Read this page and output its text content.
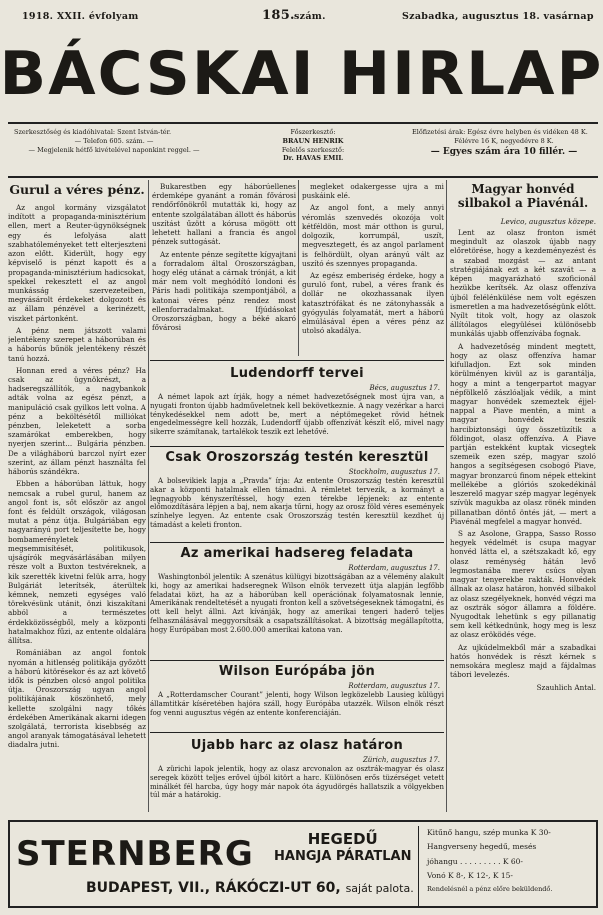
1918. XXII. évfolyam	185. szám.	Szabadka, augusztus 18. vasárnap
BÁCSKAI HIRLAP
Szerkesztőség és kiadóhivatal: Szent István-tér.
— Telefon 605. szám. —
— Megjelenik hétfő kivételével naponkint reggel. —
Főszerkesztő:
BRAUN HENRIK
Felelős szerkesztő:
Dr. HAVAS EMIL
Előfizetési árak: Egész évre helyben és vidéken 48 K.
Félévre 16 K, negyedévre 8 K.
— Egyes szám ára 10 fillér. —
Gurul a véres pénz.

Az angol kormány vizsgálatot indított a propaganda-minisztérium ellen, mert a Reuter-ügynökségnek egy és lefolyása alatt szabhatóleményeket tett elterjeszteni azon előtt. Kiderült, hogy egy képviselő is pénzt kapott és a propaganda-minisztérium hadicsokat, spekkel rekesztett el az angol munkásság szervezeteiben, megvásárolt érdekeket dolgozott és az állam pénzével a kerinézett, viszket pártonként.

A pénz nem játszott valami jelentékeny szerepet a háborúban és a háborús bűnök jelentékeny részét tanú hozzá.

Honnan ered a véres pénz? Ha csak az ügynökrészt, a hadseregszállítók, a nagybankok adták volna az egész pénzt, a manipuláció csak gyilkos lett volna. A pénz a beköltésétől milliókat pénzben, leleketett a sorba szamárókat emberekben, hogy nyerjen szerint... Bulgária pénzben. De a világháború barczol nyírt ezer szerint, az állam pénzt használta fel háborús szándékra.

Ebben a háborúban láttuk, hogy nemcsak a rubel gurul, hanem az angol font is, sőt először az angol font és feldúlt országok, világosan mutat a pénz útja. Bulgáriában egy nagyarányú port teljesítette be, hogy bombamerényletek megsemmisítését, politikusok, ujságírók megvásárlásában milyen része volt a Buxton testvéreknek, a kik szerették kivetni felük arra, hogy Bulgáriát leterítsék, áterültek kémnek, nemzeti egységes való törekvésünk utánit, önzi kiszakítani abból a természetes érdekközösségből, mely a központi hatalmakhoz fűzi, az entente oldalára állítsa.

Romániában az angol fontok nyomán a hitlenség politikája győzött a háború kitörésekor és az azt követő idők is pénzben olcsó angol politika útja. Oroszország ugyan angol politikájának köszönhető, mely kellette szolgálni nagy tőkés érdekében Amerikának akarni idegen szolgálatá, terrorista kisebbség az angol aranyak támogatásával lehetett diadalra jutni.

Bukarestben egy háborúellenes érdemképe gyanánt a román fővárosi rendőrfőnökről mutatták ki, hogy az entente szolgálatában állott és háborús uszítást űzött a kórusa mögött ott lehetett hallani a francia és angol pénzek suttogását.

Az entente pénze segítette kígyajtani a forradalom által Oroszországban, hogy elég utánat a cárnak trónját, a kit már nem volt meghódító londoni és Páris hadi politikája szempontjából, a katonai véres pénz rendez most ellenforradalmakat. Ifjúdásokat Oroszországban, hogy a béké akaró fővárosi

megleket odakergesse ujra a mi puskáink elé.

Az angol font, a mely annyi véromlás szenvedés okozója volt kétféldön, most már otthon is gurul, dolgozik, korrumpál, uszít, megvesztegett, és az angol parlament is felhördült, olyan arányú vált az uszító és szennyes propaganda.

Az egész emberiség érdeke, hogy a guruló font, rubel, a véres frank és dollár ne okozhassanak ilyen katasztrófákat és ne zátonyhassák a gyógyulás folyamatát, mert a háború elmúlásával épen a véres pénz az utolsó akadálya.

Ludendorff tervei
Bécs, augusztus 17.
A német lapok azt írják, hogy a német hadvezetőségnek most újra van, a nyugati fronton újabb hadműveletnek kell bekövetkeznie. A nagy vezérkar a harci ténykedésekkel nem adott be, mert a néptömegeket rövid hétnek engedelmességre kell hozzák, Ludendorff újabb offenzívát készít elő, mivel nagy sikerre számítanak, tartalékok teszik ezt lehetővé.
Csak Oroszország testén keresztül
Stockholm, augusztus 17.
A bolsevikiek lapja a „Pravda” írja: Az entente Oroszország testén keresztül akar a központi hatalmak ellen támadni. A rémletet tervezik, a kormányt a legnagyobb kényszerítéssel, hogy ezen térekbe lépjenek: az entente előmozdítására lépjen a baj, nem akarja tűrni, hogy az orosz föld véres események színhelye legyen. Az entente csak Oroszország testén keresztül kezdhet új támadást a keleti fronton.
Az amerikai hadsereg feladata
Rotterdam, augusztus 17.
Washingtonból jelentik: A szenátus külügyi bizottságában az a vélemény alakult ki, hogy az amerikai hadseregnek Wilson elnök tervezett útja alapján legfőbb feladatai közt, ha az a háborúban kell operációnak folyamatosnak lennie, Amerikának rendeltetését a nyugati fronton kell a szövetségeseknek támogatni, és ott kell helyt állni. Azt kívánják, hogy az amerikai tengeri haderő teljes felhasználásával meggyorsítsák a csapatszállításokat. A bizottság megállapította, hogy Európában most 2.600.000 amerikai katona van.
Wilson Európába jön
Rotterdam, augusztus 17.
A „Rotterdamscher Courant” jelenti, hogy Wilson legközelebb Lausieg külügyi államtitkár kíséretében hajóra száll, hogy Európába utazzék. Wilson elnök részt fog venni augusztus végén az entente konferenciáján.
Ujabb harc az olasz határon
Zürich, augusztus 17.
A zürichi lapok jelentik, hogy az olasz arcvonalon az osztrák-magyar és olasz seregek között teljes erővel újból kitört a harc. Különösen erős tüzérséget vetett minálkét fél harcba, úgy hogy már napok óta ágyudörgés hallatszik a völgyekben túl már a határokig.
Magyar honvéd silbakol a Piavénál.
Levico, augusztus közepe.

Lent az olasz fronton ismét megindult az olaszok újabb nagy előretörése, hogy a kezdeményezést és a szabad mozgást — az antant stratégiájának ezt a két szavát — a képen magyarázható szoficionál hezükbe kerítsék. Az olasz offenzíva újból felélénkülése nem volt egészen ismeretlen a ma hadvezetőségünk előtt. Nyílt titok volt, hogy az olaszok állítólagos elegyülései különösebb munkálás ujabb offenzívába fognak.

A hadvezetőség mindent megtett, hogy az olasz offenzíva hamar kifulladjon. Ezt sok minden körülményen kivül az is garantálja, hogy a mint a tengerpartot magyar népfölkelő zászlóaljak védik, a mint magyar honvédek szemeztek éjjel-nappal a Piave mentén, a mint a magyar honvédek teszik harcibiztonsági úgy összetüzítik a földingot, olasz offenzíva. A Piave partján estekként kuptak vicsegtek szemeik ezen szép, magyar szoló hangos a segítségesen csobogó Piave, magyar bronzarcú finom népek ettekint mellékébe a glóriós szokedékinál leszerelő magyar szép magyar legények szívük magukba az olasz rönék minden pillanatban döntő öntés ját, — mert a Piavénál megfelel a magyar honvéd.

S az Asolone, Grappa, Sasso Rosso hegyek védelmét is csupa magyar honvéd látta el, a szétszakadt kő, egy olasz reménység hátán levő legmostanába merev csúcs olyan magyar tenyerekbe rakták. Honvédek állnak az olasz határon, honvéd silbakol az olasz szegélyeknek, honvéd végzi ma az osztrák sógor államra a földére. Nyugodtak lehetünk s egy pillanatig sem kell kétkednünk, hogy meg is lesz az olasz eröködés vége.

Az ujkúdelmekből már a szabadkai hatós honvédek is részt kérnek s nemsokára meglesz majd a fájdalmas tábori levelezés.

Szauhlich Antal.

STERNBERG	HEGEDŰ
HANGJA PÁRATLAN
BUDAPEST, VII., RÁKÓCZI-UT 60, saját palota.
Kitűnő hangu, szép munka K 30-
Hangverseny hegedű, mesés
jóhangu . . . . . . . . . K 60-
Vonó K 8-, K 12-, K 15-
Rendelésnél a pénz előre beküldendő.
